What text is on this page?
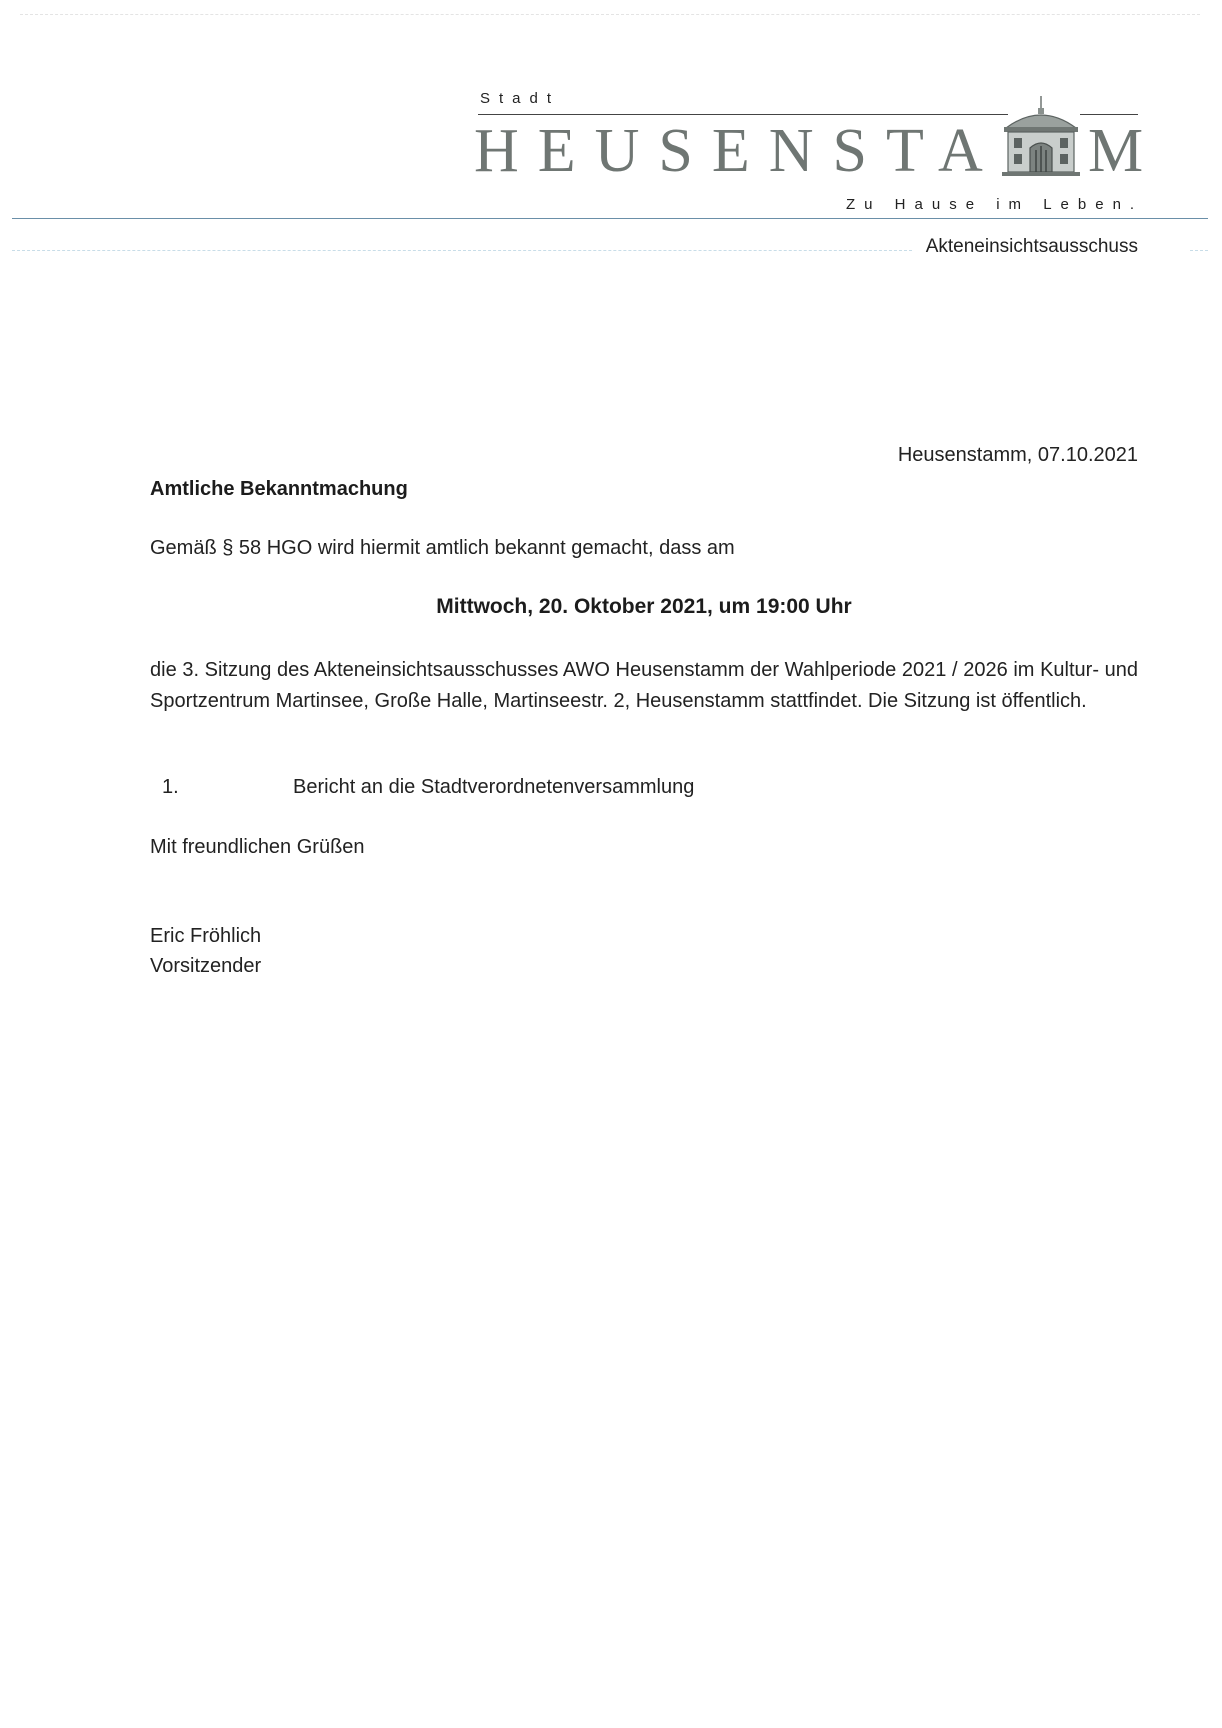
Stadt
HEUSENSTA M
Zu Hause im Leben.
Akteneinsichtsausschuss
Heusenstamm, 07.10.2021
Amtliche Bekanntmachung
Gemäß § 58 HGO wird hiermit amtlich bekannt gemacht, dass am
Mittwoch, 20. Oktober 2021, um 19:00 Uhr
die 3. Sitzung des Akteneinsichtsausschusses AWO Heusenstamm der Wahlperiode 2021 / 2026 im Kultur- und Sportzentrum Martinsee, Große Halle, Martinseestr. 2, Heusenstamm stattfindet. Die Sitzung ist öffentlich.
1.	Bericht an die Stadtverordnetenversammlung
Mit freundlichen Grüßen
Eric Fröhlich
Vorsitzender
